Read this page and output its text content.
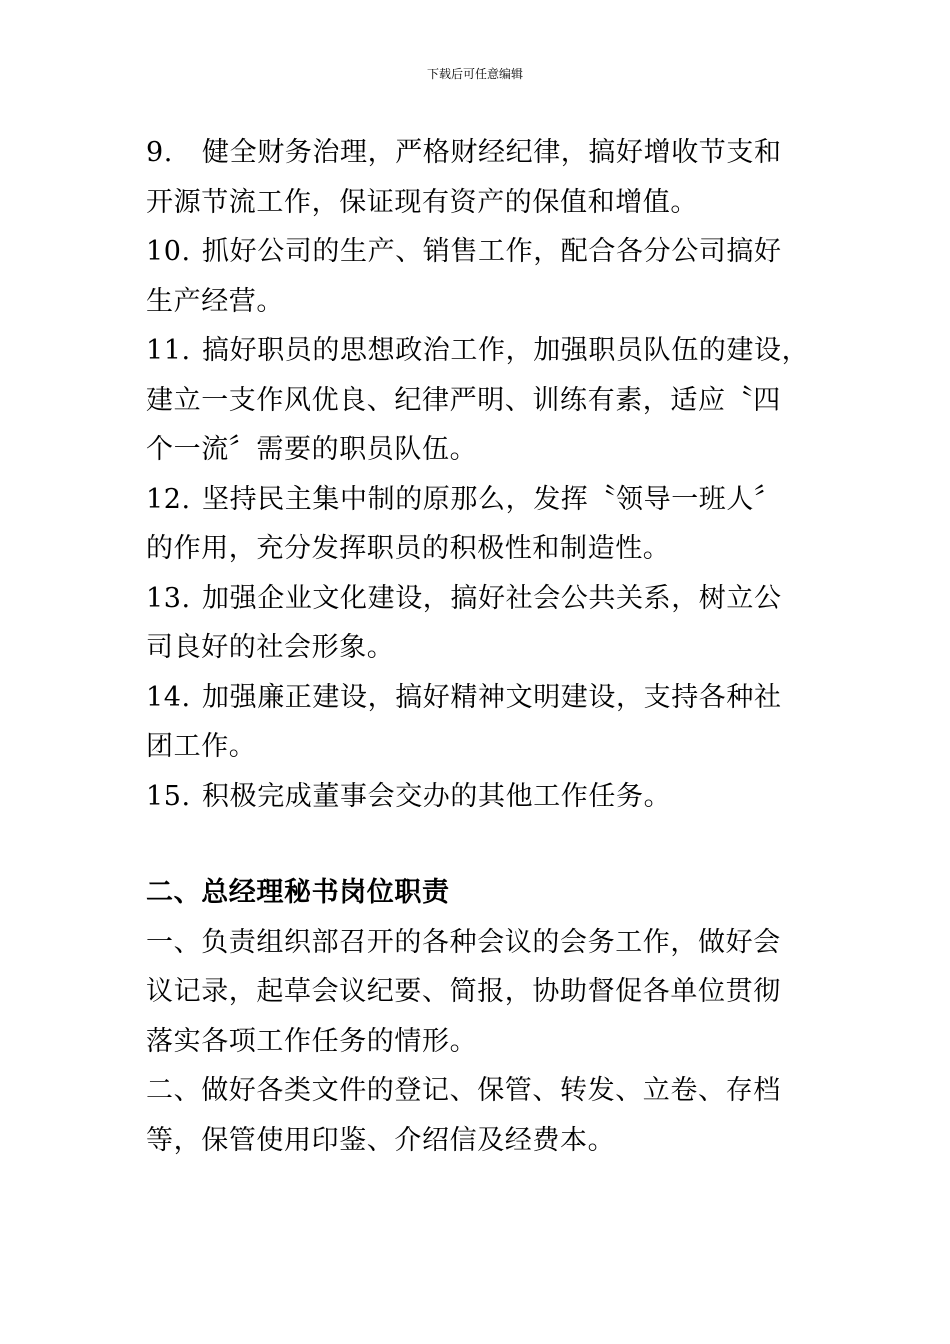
下载后可任意编辑

9. 健全财务治理，严格财经纪律，搞好增收节支和

开源节流工作，保证现有资产的保值和增值。

10. 抓好公司的生产、销售工作，配合各分公司搞好

生产经营。

11. 搞好职员的思想政治工作，加强职员队伍的建设，

建立一支作风优良、纪律严明、训练有素，适应〝四

个一流〞需要的职员队伍。

12. 坚持民主集中制的原那么，发挥〝领导一班人〞

的作用，充分发挥职员的积极性和制造性。

13. 加强企业文化建设，搞好社会公共关系，树立公

司良好的社会形象。

14. 加强廉正建设，搞好精神文明建设，支持各种社

团工作。

15. 积极完成董事会交办的其他工作任务。

二、总经理秘书岗位职责

一、负责组织部召开的各种会议的会务工作，做好会

议记录，起草会议纪要、简报，协助督促各单位贯彻

落实各项工作任务的情形。

二、做好各类文件的登记、保管、转发、立卷、存档

等，保管使用印鉴、介绍信及经费本。
